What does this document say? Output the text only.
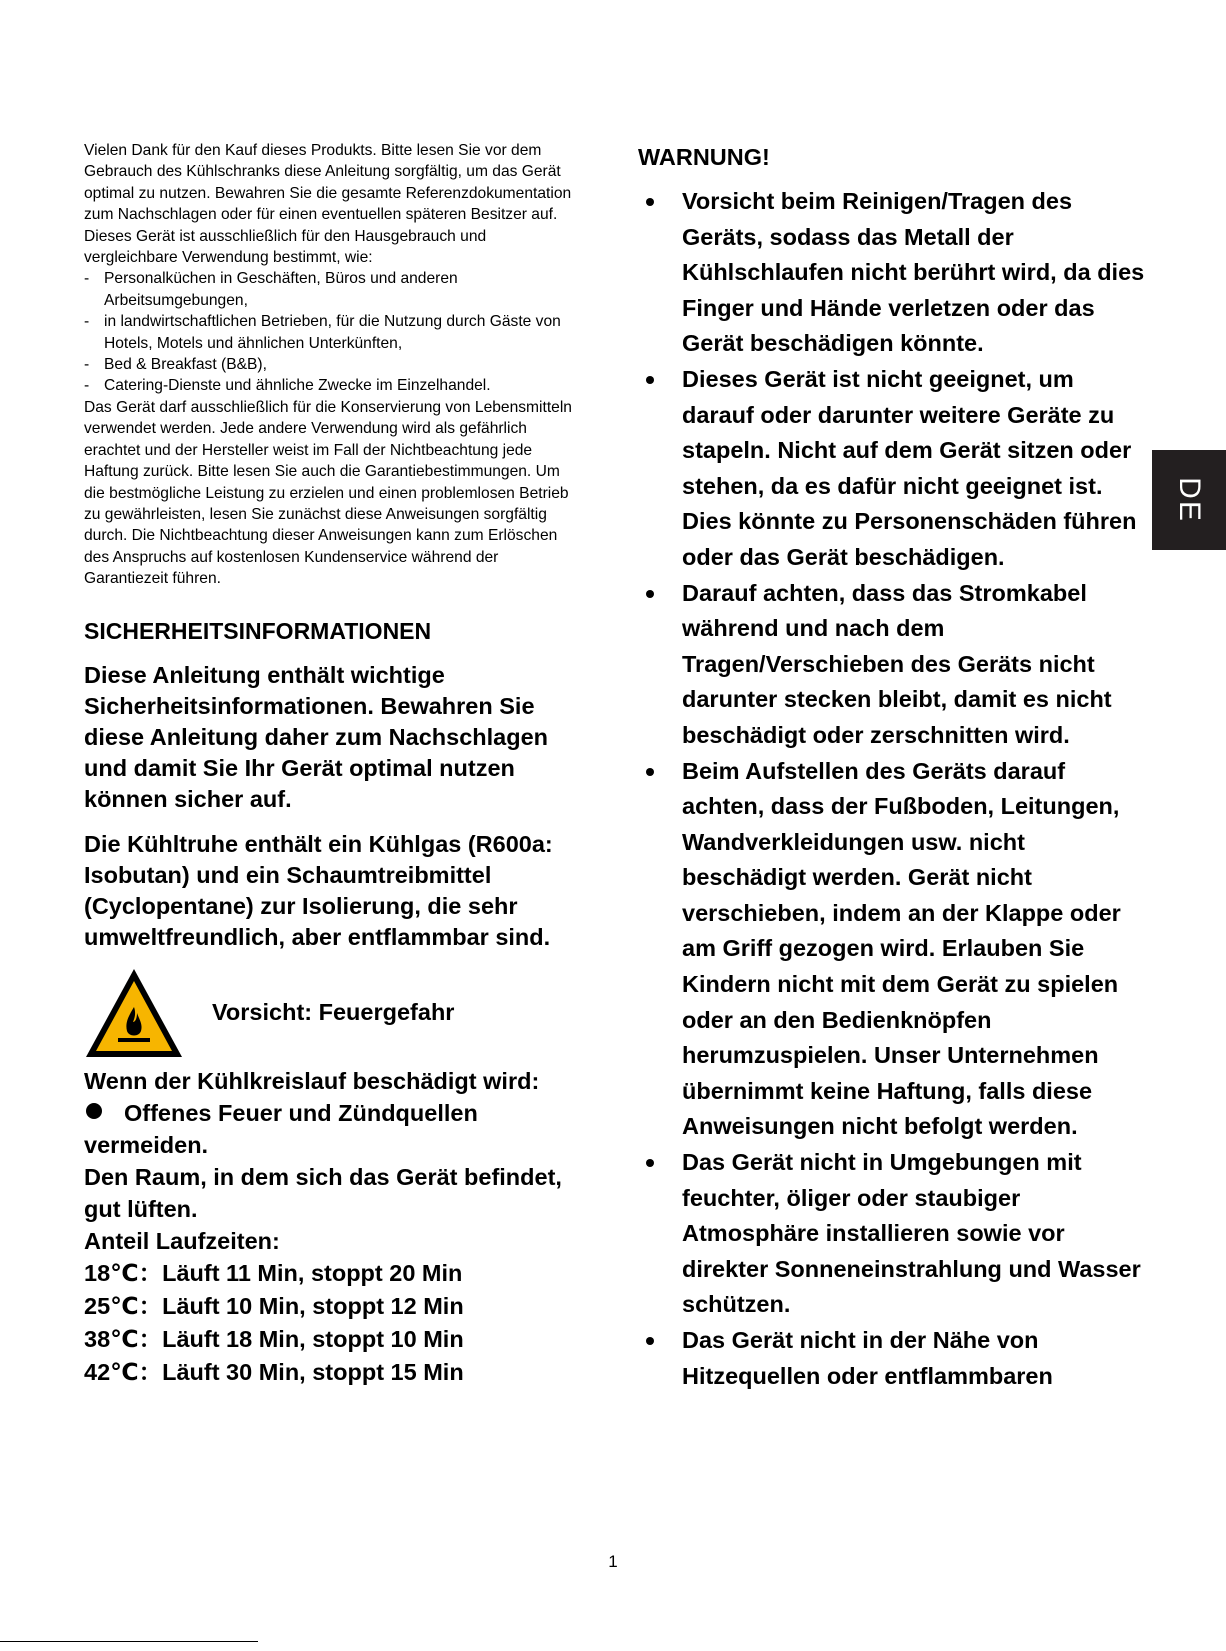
Vielen Dank für den Kauf dieses Produkts. Bitte lesen Sie vor dem Gebrauch des Kühlschranks diese Anleitung sorgfältig, um das Gerät optimal zu nutzen. Bewahren Sie die gesamte Referenzdokumentation zum Nachschlagen oder für einen eventuellen späteren Besitzer auf. Dieses Gerät ist ausschließlich für den Hausgebrauch und vergleichbare Verwendung bestimmt, wie:

- Personalküchen in Geschäften, Büros und anderen Arbeitsumgebungen,
- in landwirtschaftlichen Betrieben, für die Nutzung durch Gäste von Hotels, Motels und ähnlichen Unterkünften,
- Bed & Breakfast (B&B),
- Catering-Dienste und ähnliche Zwecke im Einzelhandel.

Das Gerät darf ausschließlich für die Konservierung von Lebensmitteln verwendet werden. Jede andere Verwendung wird als gefährlich erachtet und der Hersteller weist im Fall der Nichtbeachtung jede Haftung zurück. Bitte lesen Sie auch die Garantiebestimmungen. Um die bestmögliche Leistung zu erzielen und einen problemlosen Betrieb zu gewährleisten, lesen Sie zunächst diese Anweisungen sorgfältig durch. Die Nichtbeachtung dieser Anweisungen kann zum Erlöschen des Anspruchs auf kostenlosen Kundenservice während der Garantiezeit führen.

SICHERHEITSINFORMATIONEN

Diese Anleitung enthält wichtige Sicherheitsinformationen. Bewahren Sie diese Anleitung daher zum Nachschlagen und damit Sie Ihr Gerät optimal nutzen können sicher auf.

Die Kühltruhe enthält ein Kühlgas (R600a: Isobutan) und ein Schaumtreibmittel (Cyclopentane) zur Isolierung, die sehr umweltfreundlich, aber entflammbar sind.

Vorsicht: Feuergefahr

Wenn der Kühlkreislauf beschädigt wird:

Offenes Feuer und Zündquellen vermeiden.

Den Raum, in dem sich das Gerät befindet, gut lüften.

Anteil Laufzeiten:

18℃：Läuft 11 Min, stoppt 20 Min

25℃：Läuft 10 Min, stoppt 12 Min

38℃：Läuft 18 Min, stoppt 10 Min

42℃：Läuft 30 Min, stoppt 15 Min

WARNUNG!
Vorsicht beim Reinigen/Tragen des Geräts, sodass das Metall der Kühlschlaufen nicht berührt wird, da dies Finger und Hände verletzen oder das Gerät beschädigen könnte.
Dieses Gerät ist nicht geeignet, um darauf oder darunter weitere Geräte zu stapeln. Nicht auf dem Gerät sitzen oder stehen, da es dafür nicht geeignet ist. Dies könnte zu Personenschäden führen oder das Gerät beschädigen.
Darauf achten, dass das Stromkabel während und nach dem Tragen/Verschieben des Geräts nicht darunter stecken bleibt, damit es nicht beschädigt oder zerschnitten wird.
Beim Aufstellen des Geräts darauf achten, dass der Fußboden, Leitungen, Wandverkleidungen usw. nicht beschädigt werden. Gerät nicht verschieben, indem an der Klappe oder am Griff gezogen wird. Erlauben Sie Kindern nicht mit dem Gerät zu spielen oder an den Bedienknöpfen herumzuspielen. Unser Unternehmen übernimmt keine Haftung, falls diese Anweisungen nicht befolgt werden.
Das Gerät nicht in Umgebungen mit feuchter, öliger oder staubiger Atmosphäre installieren sowie vor direkter Sonneneinstrahlung und Wasser schützen.
Das Gerät nicht in der Nähe von Hitzequellen oder entflammbaren
DE
1
